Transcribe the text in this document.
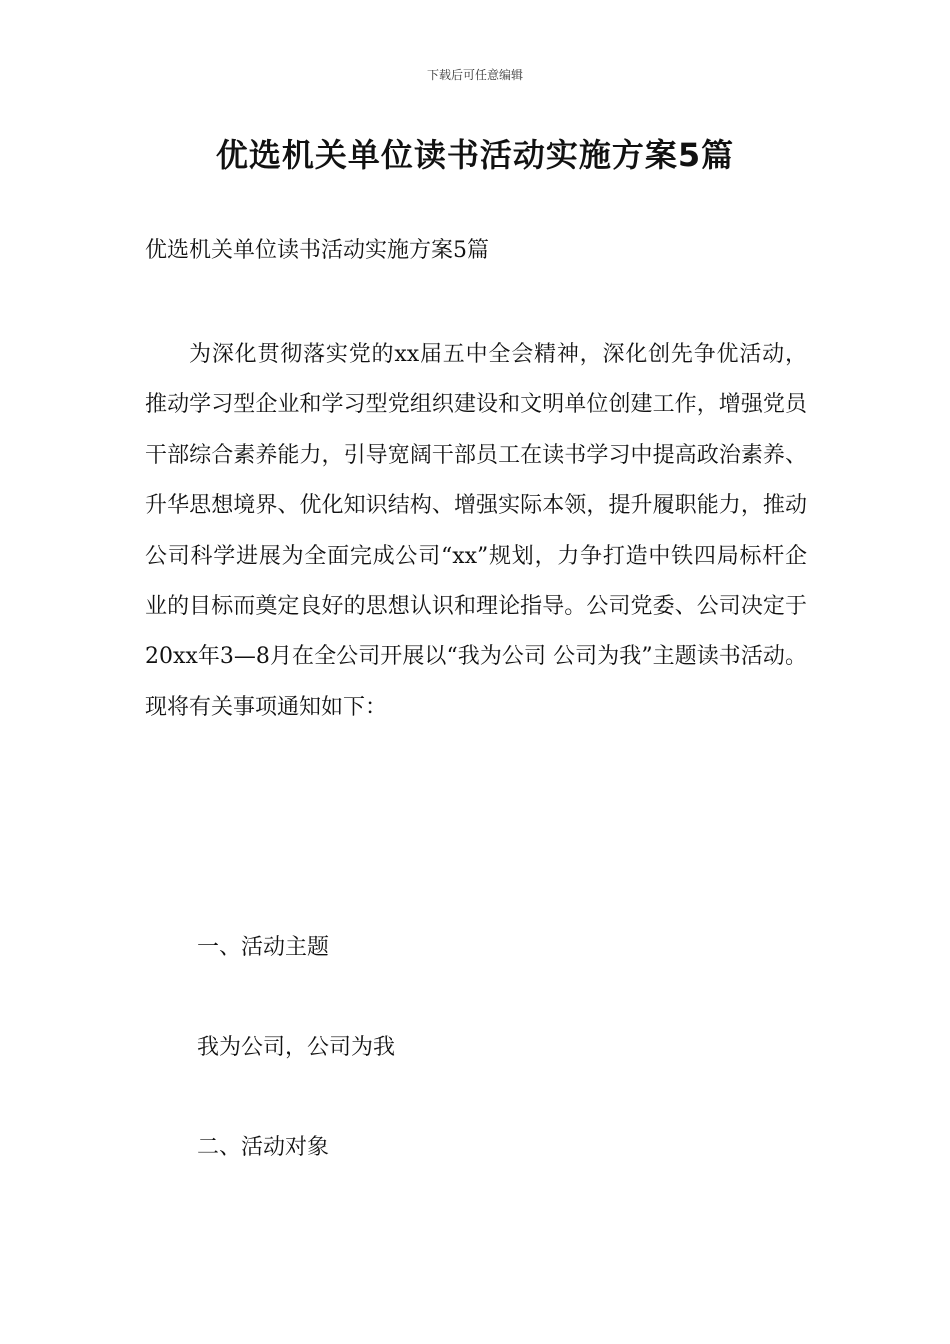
下载后可任意编辑
优选机关单位读书活动实施方案5篇
优选机关单位读书活动实施方案5篇

为深化贯彻落实党的xx届五中全会精神，深化创先争优活动，推动学习型企业和学习型党组织建设和文明单位创建工作，增强党员干部综合素养能力，引导宽阔干部员工在读书学习中提高政治素养、升华思想境界、优化知识结构、增强实际本领，提升履职能力，推动公司科学进展为全面完成公司“xx”规划，力争打造中铁四局标杆企业的目标而奠定良好的思想认识和理论指导。公司党委、公司决定于20xx年3—8月在全公司开展以“我为公司 公司为我”主题读书活动。现将有关事项通知如下：

一、活动主题
我为公司，公司为我
二、活动对象
